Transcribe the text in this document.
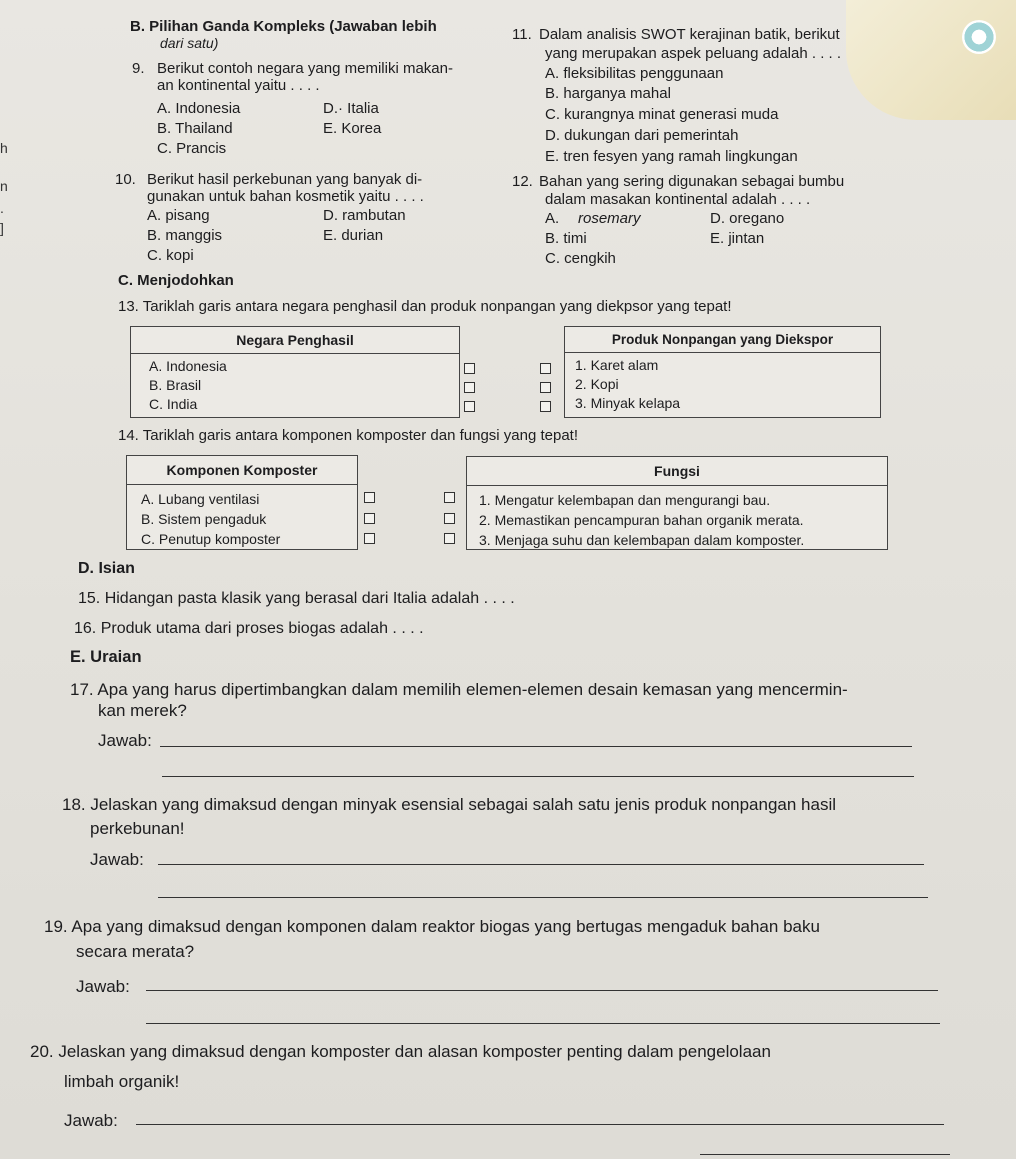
h
n
.
]
B. Pilihan Ganda Kompleks (Jawaban lebih
dari satu)
9. Berikut contoh negara yang memiliki makan-
an kontinental yaitu . . . .
A. Indonesia	D.· Italia
B. Thailand	E. Korea
C. Prancis
10. Berikut hasil perkebunan yang banyak di-
gunakan untuk bahan kosmetik yaitu . . . .
A. pisang	D. rambutan
B. manggis	E. durian
C. kopi
11. Dalam analisis SWOT kerajinan batik, berikut
yang merupakan aspek peluang adalah . . . .
A. fleksibilitas penggunaan
B. harganya mahal
C. kurangnya minat generasi muda
D. dukungan dari pemerintah
E. tren fesyen yang ramah lingkungan
12. Bahan yang sering digunakan sebagai bumbu
dalam masakan kontinental adalah . . . .
A. rosemary	D. oregano
B. timi	E. jintan
C. cengkih
C. Menjodohkan
13. Tariklah garis antara negara penghasil dan produk nonpangan yang diekpsor yang tepat!
Negara Penghasil
A. Indonesia
B. Brasil
C. India
Produk Nonpangan yang Diekspor
1. Karet alam
2. Kopi
3. Minyak kelapa
14. Tariklah garis antara komponen komposter dan fungsi yang tepat!
Komponen Komposter
A. Lubang ventilasi
B. Sistem pengaduk
C. Penutup komposter
Fungsi
1. Mengatur kelembapan dan mengurangi bau.
2. Memastikan pencampuran bahan organik merata.
3. Menjaga suhu dan kelembapan dalam komposter.
D. Isian
15. Hidangan pasta klasik yang berasal dari Italia adalah . . . .
16. Produk utama dari proses biogas adalah . . . .
E. Uraian
17. Apa yang harus dipertimbangkan dalam memilih elemen-elemen desain kemasan yang mencermin-
kan merek?
Jawab:
18. Jelaskan yang dimaksud dengan minyak esensial sebagai salah satu jenis produk nonpangan hasil
perkebunan!
Jawab:
19. Apa yang dimaksud dengan komponen dalam reaktor biogas yang bertugas mengaduk bahan baku
secara merata?
Jawab:
20. Jelaskan yang dimaksud dengan komposter dan alasan komposter penting dalam pengelolaan
limbah organik!
Jawab:
